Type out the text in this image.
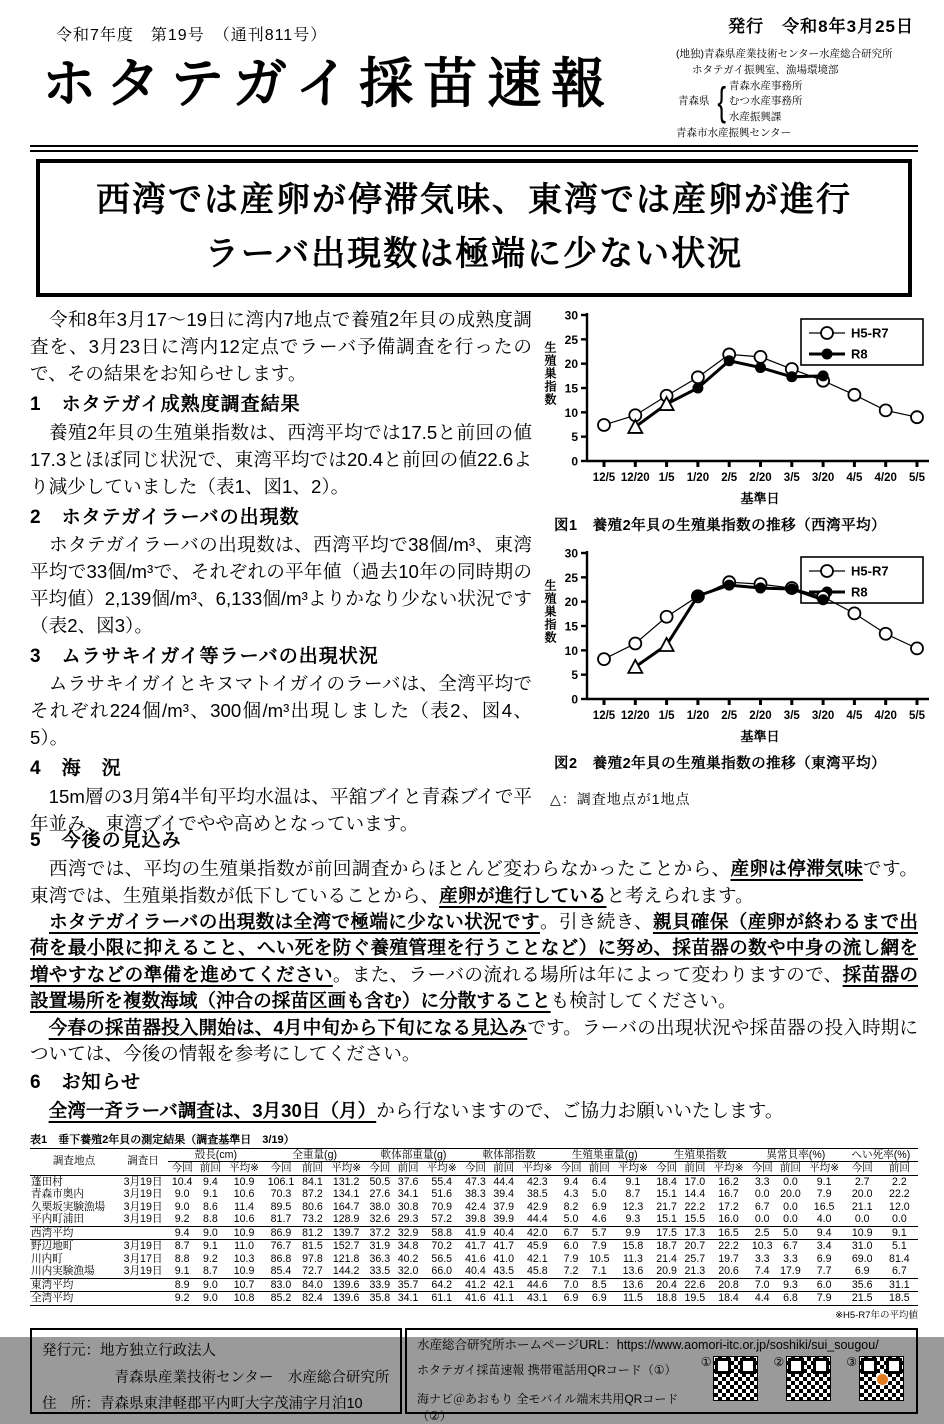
令和7年度　第19号　（通刊811号）	発行　令和8年3月25日
ホタテガイ採苗速報	(地独)青森県産業技術センター水産総合研究所
ホタテガイ振興室、漁場環境部
青森県 { 青森水産事務所
むつ水産事務所
水産振興課
青森市水産振興センター
西湾では産卵が停滞気味、東湾では産卵が進行
ラーバ出現数は極端に少ない状況

　令和8年3月17～19日に湾内7地点で養殖2年貝の成熟度調査を、3月23日に湾内12定点でラーバ予備調査を行ったので、その結果をお知らせします。

1　ホタテガイ成熟度調査結果

　養殖2年貝の生殖巣指数は、西湾平均では17.5と前回の値17.3とほぼ同じ状況で、東湾平均では20.4と前回の値22.6より減少していました（表1、図1、2）。

2　ホタテガイラーバの出現数

　ホタテガイラーバの出現数は、西湾平均で38個/m³、東湾平均で33個/m³で、それぞれの平年値（過去10年の同時期の平均値）2,139個/m³、6,133個/m³よりかなり少ない状況です（表2、図3）。

3　ムラサキイガイ等ラーバの出現状況

　ムラサキイガイとキヌマトイガイのラーバは、全湾平均でそれぞれ224個/m³、300個/m³出現しました（表2、図4、5）。

4　海　況

　15m層の3月第4半旬平均水温は、平舘ブイと青森ブイで平年並み、東湾ブイでやや高めとなっています。

生殖巣指数
H5-R7
R8
0
5
10
15
20
25
30
12/5 12/20 1/5 1/20 2/5 2/20 3/5 3/20 4/5 4/20 5/5
基準日
図1　養殖2年貝の生殖巣指数の推移（西湾平均）
生殖巣指数
H5-R7
R8
0
5
10
15
20
25
30
12/5 12/20 1/5 1/20 2/5 2/20 3/5 3/20 4/5 4/20 5/5
基準日
図2　養殖2年貝の生殖巣指数の推移（東湾平均）
△：調査地点が1地点
5　今後の見込み

　西湾では、平均の生殖巣指数が前回調査からほとんど変わらなかったことから、産卵は停滞気味です。東湾では、生殖巣指数が低下していることから、産卵が進行していると考えられます。

　ホタテガイラーバの出現数は全湾で極端に少ない状況です。引き続き、親貝確保（産卵が終わるまで出荷を最小限に抑えること、へい死を防ぐ養殖管理を行うことなど）に努め、採苗器の数や中身の流し網を増やすなどの準備を進めてください。また、ラーバの流れる場所は年によって変わりますので、採苗器の設置場所を複数海域（沖合の採苗区画も含む）に分散することも検討してください。

　今春の採苗器投入開始は、4月中旬から下旬になる見込みです。ラーバの出現状況や採苗器の投入時期については、今後の情報を参考にしてください。

6　お知らせ

　全湾一斉ラーバ調査は、3月30日（月）から行ないますので、ご協力お願いいたします。

表1　垂下養殖2年貝の測定結果（調査基準日　3/19）
調査地点	調査日	殻長(cm)			全重量(g)			軟体部重量(g)			軟体部指数			生殖巣重量(g)			生殖巣指数			異常貝率(%)			へい死率(%)	
		今回	前回	平均※	今回	前回	平均※	今回	前回	平均※	今回	前回	平均※	今回	前回	平均※	今回	前回	平均※	今回	前回	平均※	今回	前回
蓬田村	3月19日	10.4	9.4	10.9	106.1	84.1	131.2	50.5	37.6	55.4	47.3	44.4	42.3	9.4	6.4	9.1	18.4	17.0	16.2	3.3	0.0	9.1	2.7	2.2
青森市奥内	3月19日	9.0	9.1	10.6	70.3	87.2	134.1	27.6	34.1	51.6	38.3	39.4	38.5	4.3	5.0	8.7	15.1	14.4	16.7	0.0	20.0	7.9	20.0	22.2
久栗坂実験漁場	3月19日	9.0	8.6	11.4	89.5	80.6	164.7	38.0	30.8	70.9	42.4	37.9	42.9	8.2	6.9	12.3	21.7	22.2	17.2	6.7	0.0	16.5	21.1	12.0
平内町浦田	3月19日	9.2	8.8	10.6	81.7	73.2	128.9	32.6	29.3	57.2	39.8	39.9	44.4	5.0	4.6	9.3	15.1	15.5	16.0	0.0	0.0	4.0	0.0	0.0
西湾平均		9.4	9.0	10.9	86.9	81.2	139.7	37.2	32.9	58.8	41.9	40.4	42.0	6.7	5.7	9.9	17.5	17.3	16.5	2.5	5.0	9.4	10.9	9.1
野辺地町	3月19日	8.7	9.1	11.0	76.7	81.5	152.7	31.9	34.8	70.2	41.7	41.7	45.9	6.0	7.9	15.8	18.7	20.7	22.2	10.3	6.7	3.4	31.0	5.1
川内町	3月17日	8.8	9.2	10.3	86.8	97.8	121.8	36.3	40.2	56.5	41.6	41.0	42.1	7.9	10.5	11.3	21.4	25.7	19.7	3.3	3.3	6.9	69.0	81.4
川内実験漁場	3月19日	9.1	8.7	10.9	85.4	72.7	144.2	33.5	32.0	66.0	40.4	43.5	45.8	7.2	7.1	13.6	20.9	21.3	20.6	7.4	17.9	7.7	6.9	6.7
東湾平均		8.9	9.0	10.7	83.0	84.0	139.6	33.9	35.7	64.2	41.2	42.1	44.6	7.0	8.5	13.6	20.4	22.6	20.8	7.0	9.3	6.0	35.6	31.1
全湾平均		9.2	9.0	10.8	85.2	82.4	139.6	35.8	34.1	61.1	41.6	41.1	43.1	6.9	6.9	11.5	18.8	19.5	18.4	4.4	6.8	7.9	21.5	18.5
※H5-R7年の平均値
発行元：地方独立行政法人
　　　　　青森県産業技術センター　水産総合研究所
住　所：青森県東津軽郡平内町大字茂浦字月泊10
水産総合研究所ホームページURL：https://www.aomori-itc.or.jp/soshiki/sui_sougou/
ホタテガイ採苗速報 携帯電話用QRコード（①）
海ナビ＠あおもり 全モバイル端末共用QRコード（②）
①	②	③
